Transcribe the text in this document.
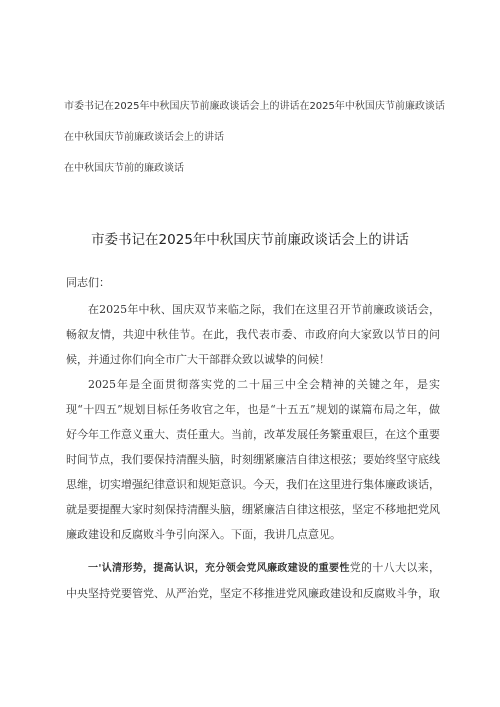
市委书记在2025年中秋国庆节前廉政谈话会上的讲话在2025年中秋国庆节前廉政谈话
在中秋国庆节前廉政谈话会上的讲话
在中秋国庆节前的廉政谈话
市委书记在2025年中秋国庆节前廉政谈话会上的讲话

同志们：

在2025年中秋、国庆双节来临之际，我们在这里召开节前廉政谈话会，畅叙友情，共迎中秋佳节。在此，我代表市委、市政府向大家致以节日的问候，并通过你们向全市广大干部群众致以诚挚的问候！

2025年是全面贯彻落实党的二十届三中全会精神的关键之年，是实现“十四五”规划目标任务收官之年，也是“十五五”规划的谋篇布局之年，做好今年工作意义重大、责任重大。当前，改革发展任务繁重艰巨，在这个重要时间节点，我们要保持清醒头脑，时刻绷紧廉洁自律这根弦；要始终坚守底线思维，切实增强纪律意识和规矩意识。今天，我们在这里进行集体廉政谈话，就是要提醒大家时刻保持清醒头脑，绷紧廉洁自律这根弦，坚定不移地把党风廉政建设和反腐败斗争引向深入。下面，我讲几点意见。

一'认清形势，提高认识，充分领会党风廉政建设的重要性党的十八大以来，中央坚持党要管党、从严治党，坚定不移推进党风廉政建设和反腐败斗争，取
